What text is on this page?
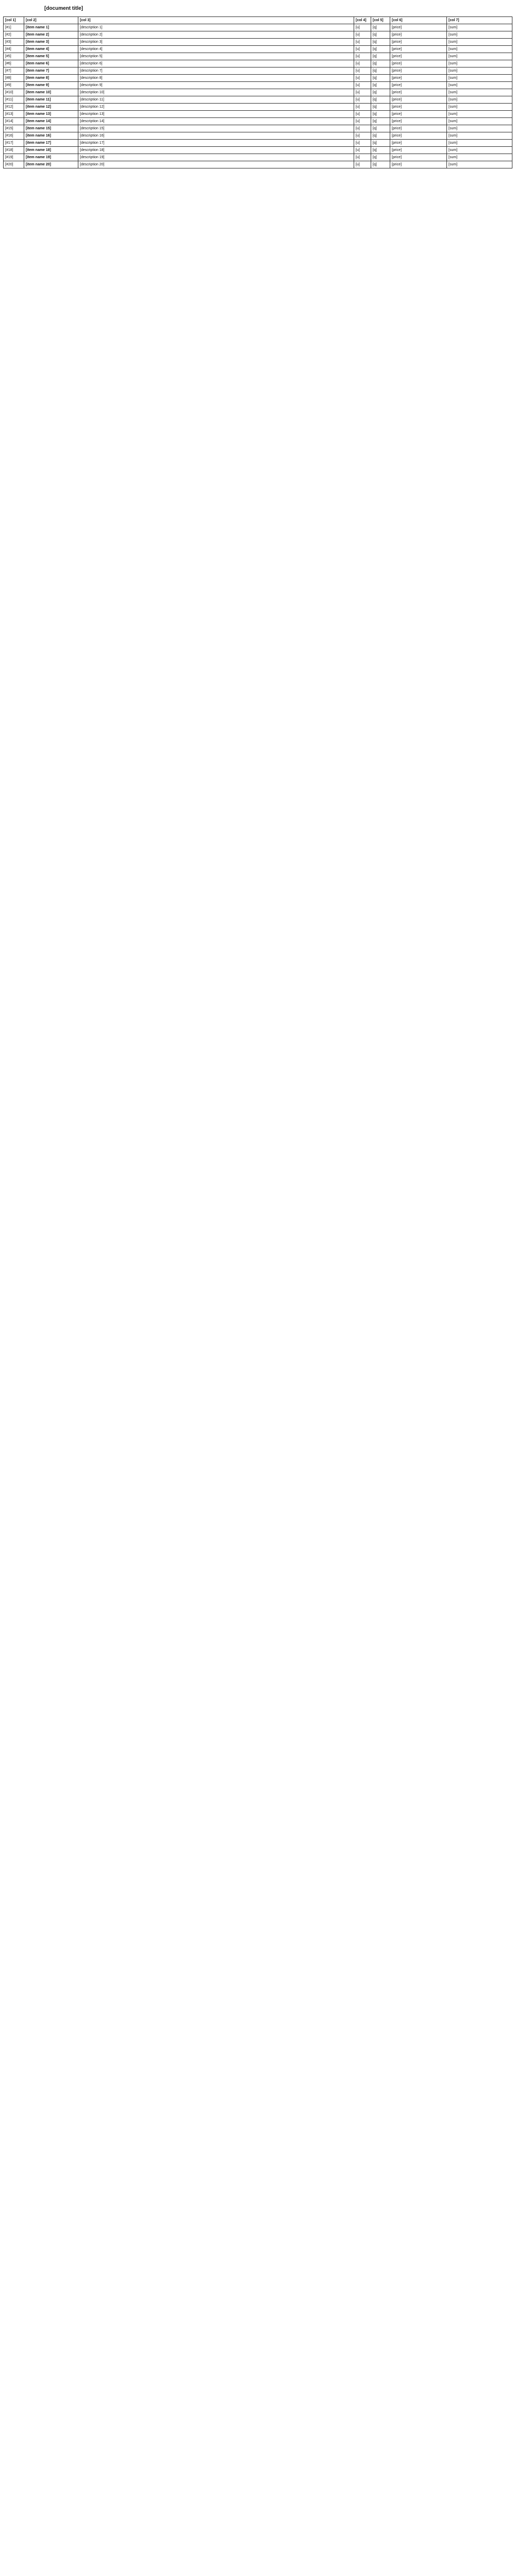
[document title]
[col 1]	[col 2]	[col 3]	[col 4]	[col 5]	[col 6]	[col 7]
[#1]	[item name 1]	[description 1]	[u]	[q]	[price]	[sum]
[#2]	[item name 2]	[description 2]	[u]	[q]	[price]	[sum]
[#3]	[item name 3]	[description 3]	[u]	[q]	[price]	[sum]
[#4]	[item name 4]	[description 4]	[u]	[q]	[price]	[sum]
[#5]	[item name 5]	[description 5]	[u]	[q]	[price]	[sum]
[#6]	[item name 6]	[description 6]	[u]	[q]	[price]	[sum]
[#7]	[item name 7]	[description 7]	[u]	[q]	[price]	[sum]
[#8]	[item name 8]	[description 8]	[u]	[q]	[price]	[sum]
[#9]	[item name 9]	[description 9]	[u]	[q]	[price]	[sum]
[#10]	[item name 10]	[description 10]	[u]	[q]	[price]	[sum]
[#11]	[item name 11]	[description 11]	[u]	[q]	[price]	[sum]
[#12]	[item name 12]	[description 12]	[u]	[q]	[price]	[sum]
[#13]	[item name 13]	[description 13]	[u]	[q]	[price]	[sum]
[#14]	[item name 14]	[description 14]	[u]	[q]	[price]	[sum]
[#15]	[item name 15]	[description 15]	[u]	[q]	[price]	[sum]
[#16]	[item name 16]	[description 16]	[u]	[q]	[price]	[sum]
[#17]	[item name 17]	[description 17]	[u]	[q]	[price]	[sum]
[#18]	[item name 18]	[description 18]	[u]	[q]	[price]	[sum]
[#19]	[item name 19]	[description 19]	[u]	[q]	[price]	[sum]
[#20]	[item name 20]	[description 20]	[u]	[q]	[price]	[sum]
